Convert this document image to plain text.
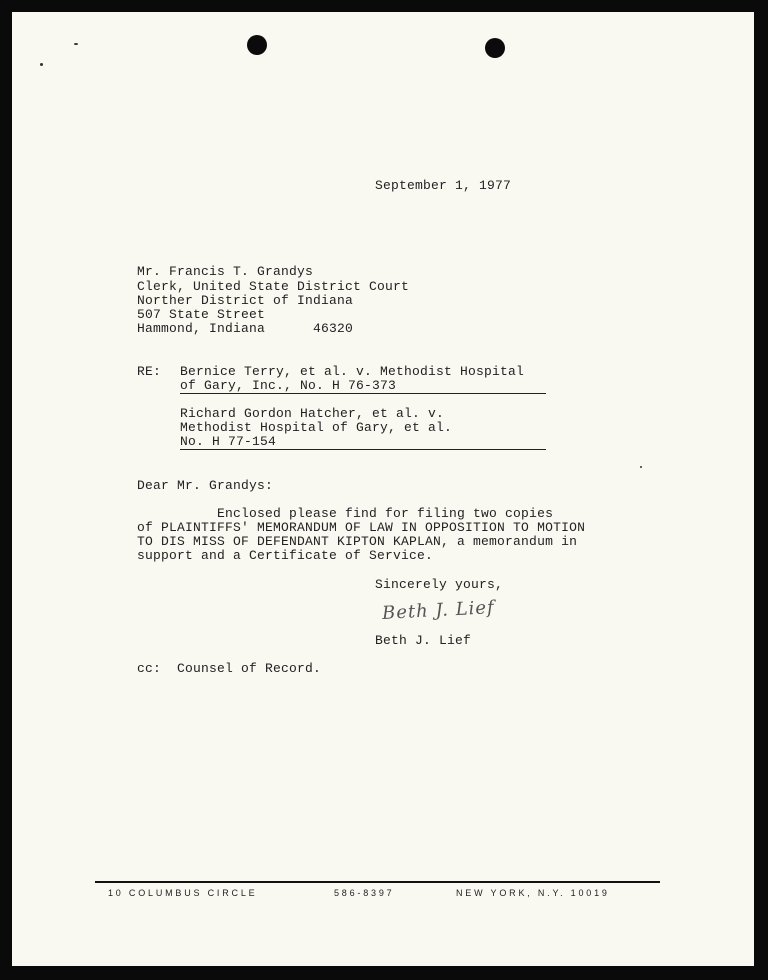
September 1, 1977
Mr. Francis T. Grandys
Clerk, United State District Court
Norther District of Indiana
507 State Street
Hammond, Indiana      46320
RE: Bernice Terry, et al. v. Methodist Hospital
of Gary, Inc., No. H 76-373
Richard Gordon Hatcher, et al. v.
Methodist Hospital of Gary, et al.
No. H 77-154
Dear Mr. Grandys:
Enclosed please find for filing two copies
of PLAINTIFFS' MEMORANDUM OF LAW IN OPPOSITION TO MOTION
TO DIS MISS OF DEFENDANT KIPTON KAPLAN, a memorandum in
support and a Certificate of Service.
Sincerely yours,
Beth J. Lief
Beth J. Lief
cc:  Counsel of Record.
10 COLUMBUS CIRCLE	586-8397	NEW YORK, N.Y. 10019
